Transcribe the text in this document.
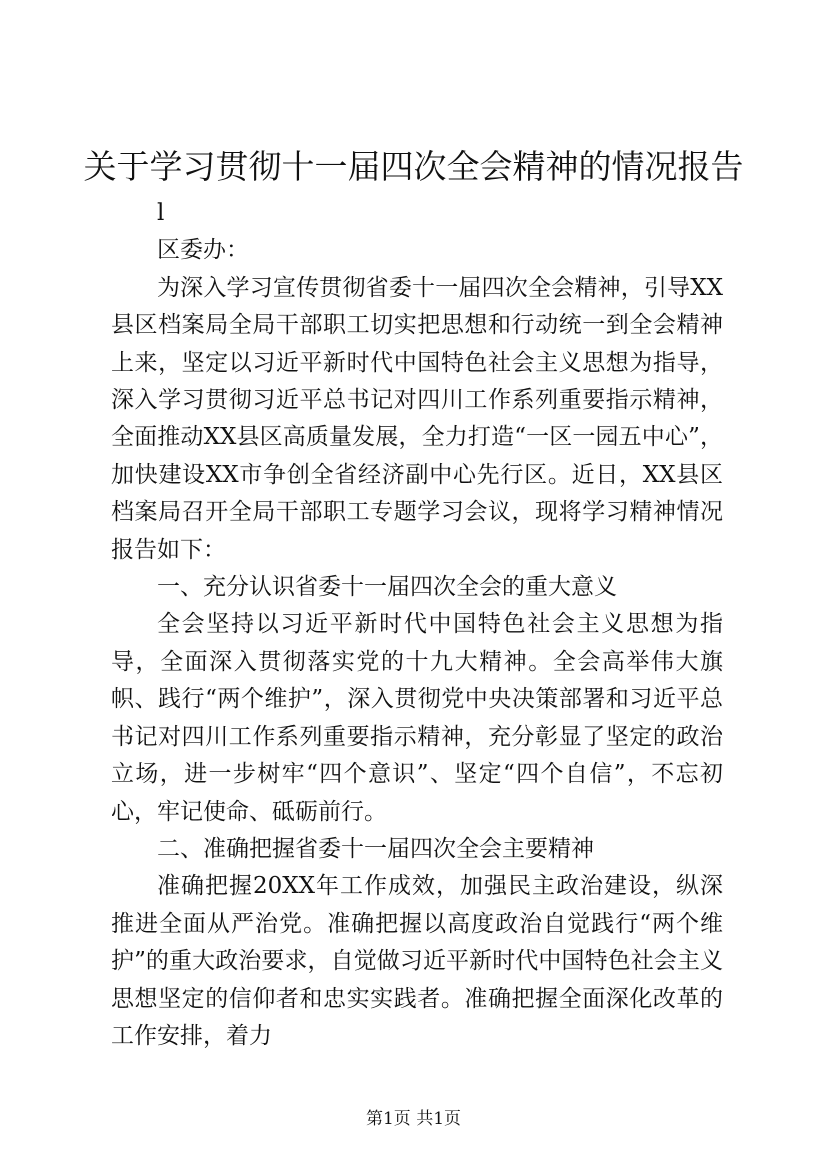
关于学习贯彻十一届四次全会精神的情况报告

l

区委办：

为深入学习宣传贯彻省委十一届四次全会精神，引导XX县区档案局全局干部职工切实把思想和行动统一到全会精神上来，坚定以习近平新时代中国特色社会主义思想为指导，深入学习贯彻习近平总书记对四川工作系列重要指示精神，全面推动XX县区高质量发展，全力打造“一区一园五中心”，加快建设XX市争创全省经济副中心先行区。近日，XX县区档案局召开全局干部职工专题学习会议，现将学习精神情况报告如下：

一、充分认识省委十一届四次全会的重大意义

全会坚持以习近平新时代中国特色社会主义思想为指导，全面深入贯彻落实党的十九大精神。全会高举伟大旗帜、践行“两个维护”，深入贯彻党中央决策部署和习近平总书记对四川工作系列重要指示精神，充分彰显了坚定的政治立场，进一步树牢“四个意识”、坚定“四个自信”，不忘初心，牢记使命、砥砺前行。

二、准确把握省委十一届四次全会主要精神

准确把握20XX年工作成效，加强民主政治建设，纵深推进全面从严治党。准确把握以高度政治自觉践行“两个维护”的重大政治要求，自觉做习近平新时代中国特色社会主义思想坚定的信仰者和忠实实践者。准确把握全面深化改革的工作安排，着力

第1页 共1页
